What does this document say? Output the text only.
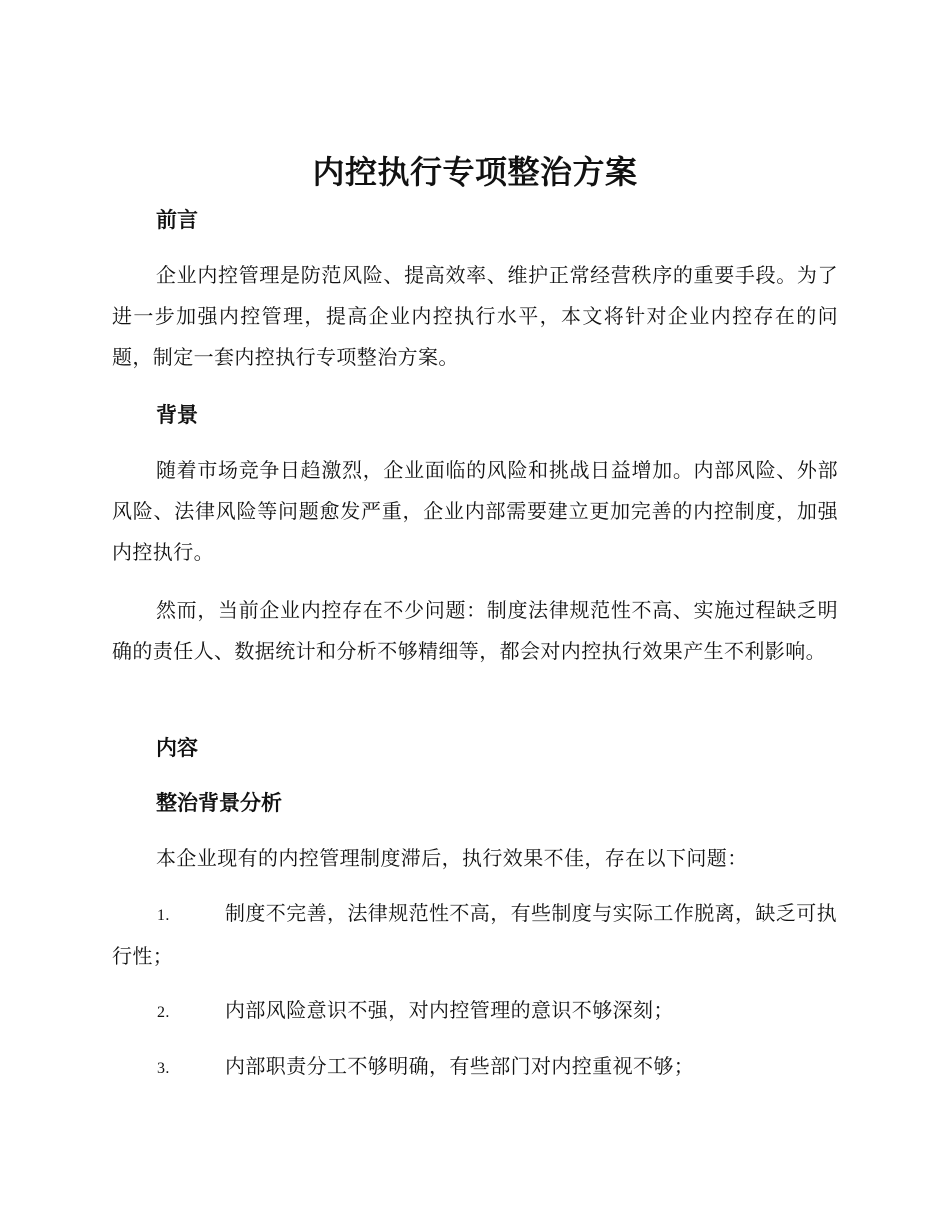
内控执行专项整治方案
前言

企业内控管理是防范风险、提高效率、维护正常经营秩序的重要手段。为了进一步加强内控管理，提高企业内控执行水平，本文将针对企业内控存在的问题，制定一套内控执行专项整治方案。

背景

随着市场竞争日趋激烈，企业面临的风险和挑战日益增加。内部风险、外部风险、法律风险等问题愈发严重，企业内部需要建立更加完善的内控制度，加强内控执行。

然而，当前企业内控存在不少问题：制度法律规范性不高、实施过程缺乏明确的责任人、数据统计和分析不够精细等，都会对内控执行效果产生不利影响。

内容
整治背景分析

本企业现有的内控管理制度滞后，执行效果不佳，存在以下问题：

1.	制度不完善，法律规范性不高，有些制度与实际工作脱离，缺乏可执行性；
2.	内部风险意识不强，对内控管理的意识不够深刻；
3.	内部职责分工不够明确，有些部门对内控重视不够；
